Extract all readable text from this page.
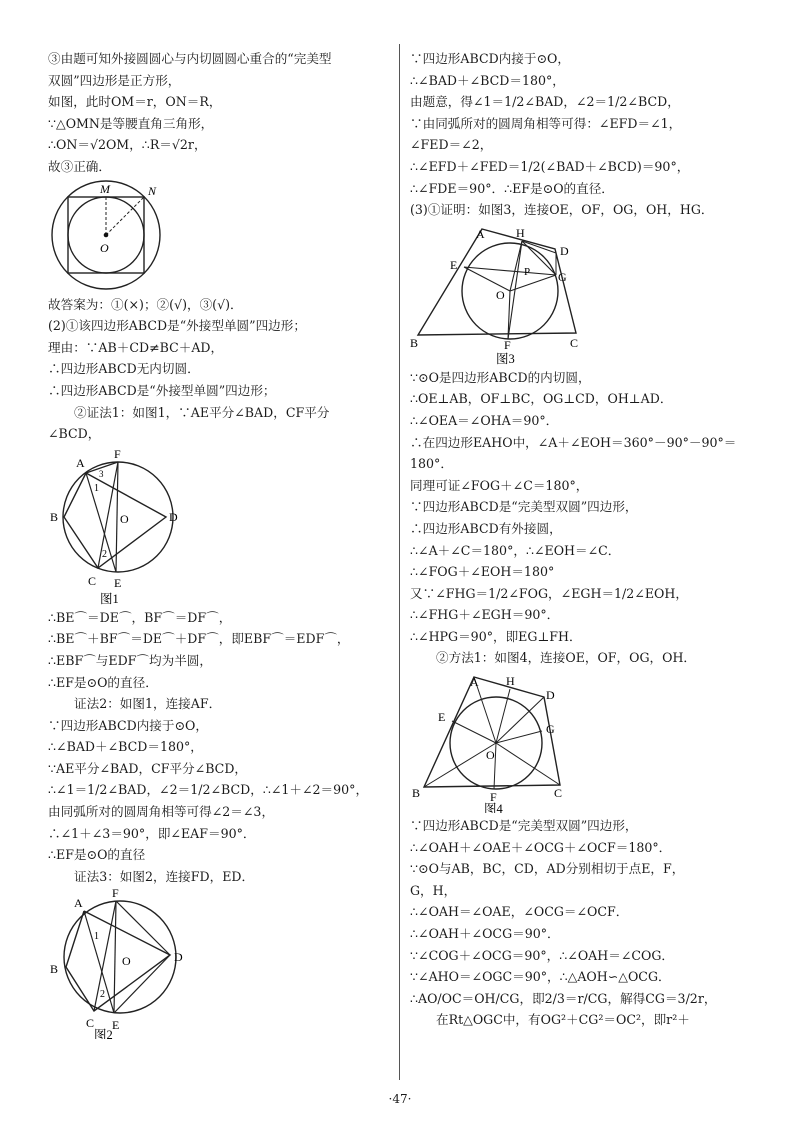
③由题可知外接圆圆心与内切圆圆心重合的“完美型
双圆”四边形是正方形，
如图，此时OM＝r，ON＝R，
∵△OMN是等腰直角三角形，
∴ON＝√2OM，∴R＝√2r，
故③正确．
M	N
O
故答案为：①(×)；②(√)，③(√)．
(2)①该四边形ABCD是“外接型单圆”四边形；
理由：∵AB＋CD≠BC＋AD，
∴四边形ABCD无内切圆．
∴四边形ABCD是“外接型单圆”四边形；
②证法1：如图1，∵AE平分∠BAD，CF平分
∠BCD，
A
F
B	O	D
C E
1
2
3
图1
∴BE⌒＝DE⌒，BF⌒＝DF⌒，
∴BE⌒＋BF⌒＝DE⌒＋DF⌒，即EBF⌒＝EDF⌒，
∴EBF⌒与EDF⌒均为半圆，
∴EF是⊙O的直径．
证法2：如图1，连接AF．
∵四边形ABCD内接于⊙O，
∴∠BAD＋∠BCD＝180°，
∵AE平分∠BAD，CF平分∠BCD，
∴∠1＝1/2∠BAD，∠2＝1/2∠BCD，∴∠1＋∠2＝90°，
由同弧所对的圆周角相等可得∠2＝∠3，
∴∠1＋∠3＝90°，即∠EAF＝90°．
∴EF是⊙O的直径
证法3：如图2，连接FD，ED．
F
A
B
O	D
C E
1
2
图2
∵四边形ABCD内接于⊙O，
∴∠BAD＋∠BCD＝180°，
由题意，得∠1＝1/2∠BAD，∠2＝1/2∠BCD，
∵由同弧所对的圆周角相等可得：∠EFD＝∠1，
∠FED＝∠2，
∴∠EFD＋∠FED＝1/2(∠BAD＋∠BCD)＝90°，
∴∠FDE＝90°．∴EF是⊙O的直径．
(3)①证明：如图3，连接OE，OF，OG，OH，HG．
A	H
D
E	P G
O
B	F	C
图3
∵⊙O是四边形ABCD的内切圆，
∴OE⊥AB，OF⊥BC，OG⊥CD，OH⊥AD．
∴∠OEA＝∠OHA＝90°．
∴在四边形EAHO中，∠A＋∠EOH＝360°－90°－90°＝
180°．
同理可证∠FOG＋∠C＝180°，
∵四边形ABCD是“完美型双圆”四边形，
∴四边形ABCD有外接圆，
∴∠A＋∠C＝180°，∴∠EOH＝∠C．
∴∠FOG＋∠EOH＝180°
又∵∠FHG＝1/2∠FOG，∠EGH＝1/2∠EOH，
∴∠FHG＋∠EGH＝90°．
∴∠HPG＝90°，即EG⊥FH．
②方法1：如图4，连接OE，OF，OG，OH．
A H
D
E
G
O
B	F	C
图4
∵四边形ABCD是“完美型双圆”四边形，
∴∠OAH＋∠OAE＋∠OCG＋∠OCF＝180°．
∵⊙O与AB，BC，CD，AD分别相切于点E，F，
G，H，
∴∠OAH＝∠OAE，∠OCG＝∠OCF．
∴∠OAH＋∠OCG＝90°．
∵∠COG＋∠OCG＝90°，∴∠OAH＝∠COG．
∵∠AHO＝∠OGC＝90°，∴△AOH∽△OCG．
∴AO/OC＝OH/CG，即2/3＝r/CG，解得CG＝3/2r，
在Rt△OGC中，有OG²＋CG²＝OC²，即r²＋
·47·
